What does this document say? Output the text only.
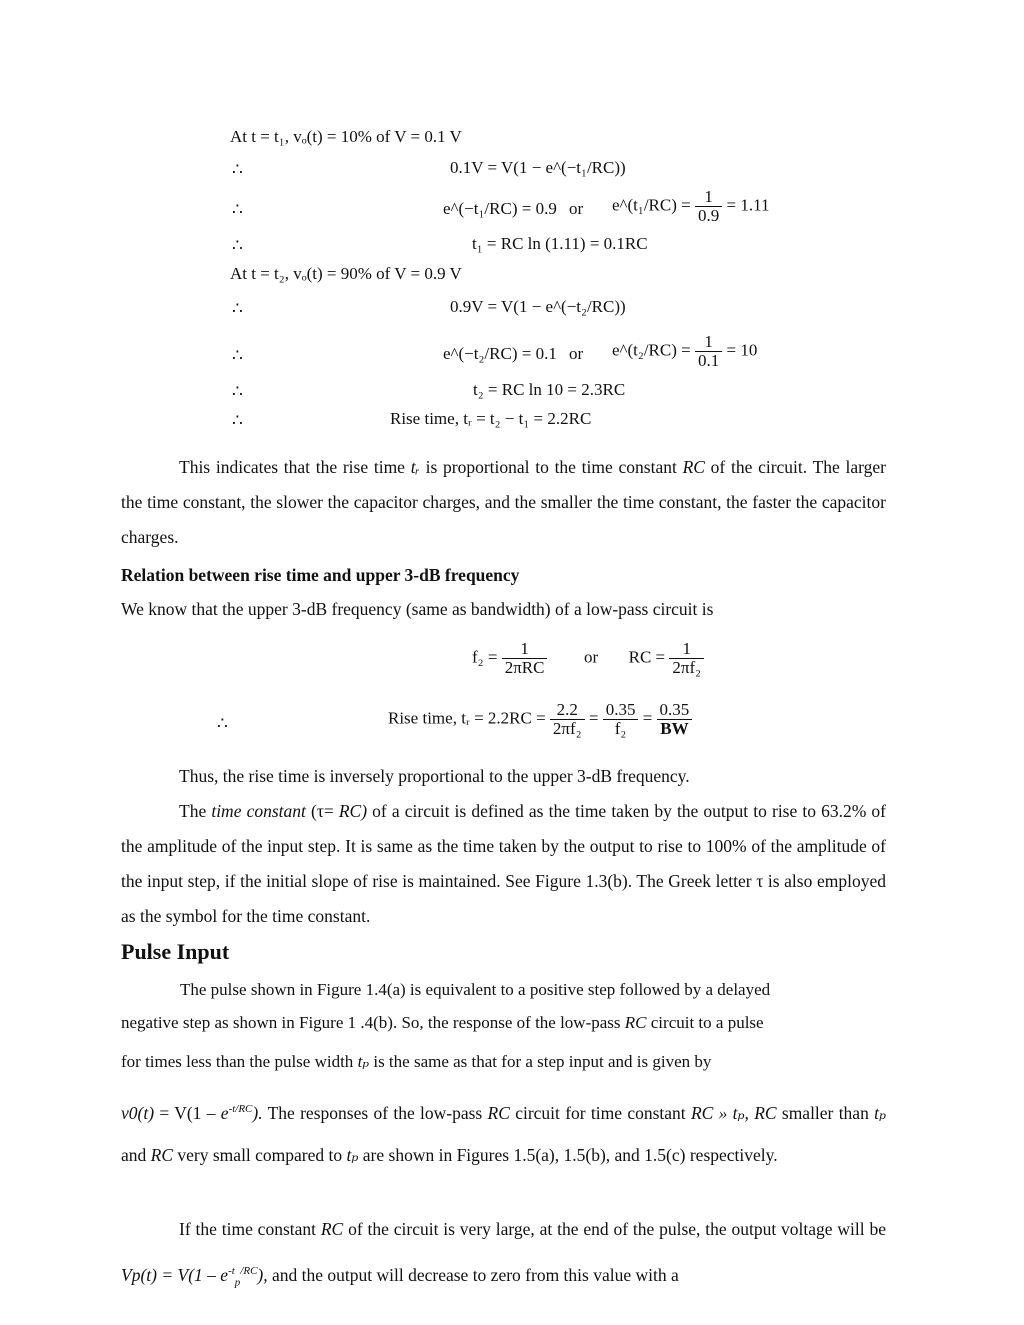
At t = t₁, vₒ(t) = 10% of V = 0.1 V
∴	0.1V = V(1 − e^(−t₁/RC))
∴	e^(−t₁/RC) = 0.9 or e^(t₁/RC) = $\frac{1}{0.9} = 1.11$
∴	t₁ = RC ln (1.11) = 0.1RC
At t = t₂, vₒ(t) = 90% of V = 0.9 V
∴	0.9V = V(1 − e^(−t₂/RC))
∴	e^(−t₂/RC) = 0.1 or e^(t₂/RC) = $\frac{1}{0.1} = 10$
∴	t₂ = RC ln 10 = 2.3RC
∴	Rise time, tᵣ = t₂ − t₁ = 2.2RC
This indicates that the rise time tᵣ is proportional to the time constant RC of the circuit. The larger the time constant, the slower the capacitor charges, and the smaller the time constant, the faster the capacitor charges.
Relation between rise time and upper 3-dB frequency
We know that the upper 3-dB frequency (same as bandwidth) of a low-pass circuit is
$f_2 = \frac{1}{\text{2πRC}}$ or RC = $\frac{1}{\text{2πf₂}}$
∴	Rise time, tᵣ = $2.2RC = \frac{2.2}{\text{2πf₂}} = \frac{0.35}{\text{f₂}} = \frac{0.35}{BW}$
Thus, the rise time is inversely proportional to the upper 3-dB frequency.
The time constant (τ= RC) of a circuit is defined as the time taken by the output to rise to 63.2% of the amplitude of the input step. It is same as the time taken by the output to rise to 100% of the amplitude of the input step, if the initial slope of rise is maintained. See Figure 1.3(b). The Greek letter τ is also employed as the symbol for the time constant.
Pulse Input
The pulse shown in Figure 1.4(a) is equivalent to a positive step followed by a delayed
negative step as shown in Figure 1 .4(b). So, the response of the low-pass RC circuit to a pulse
for times less than the pulse width tₚ is the same as that for a step input and is given by
$v0(t) = V(1 - e^{-t/RC})$. The responses of the low-pass RC circuit for time constant RC » tₚ, RC smaller than tₚ and RC very small compared to tₚ are shown in Figures 1.5(a), 1.5(b), and 1.5(c) respectively.
If the time constant RC of the circuit is very large, at the end of the pulse, the output voltage will be $Vp(t) = V(1 - e^{-t}_p^{/RC})$, and the output will decrease to zero from this value with a
